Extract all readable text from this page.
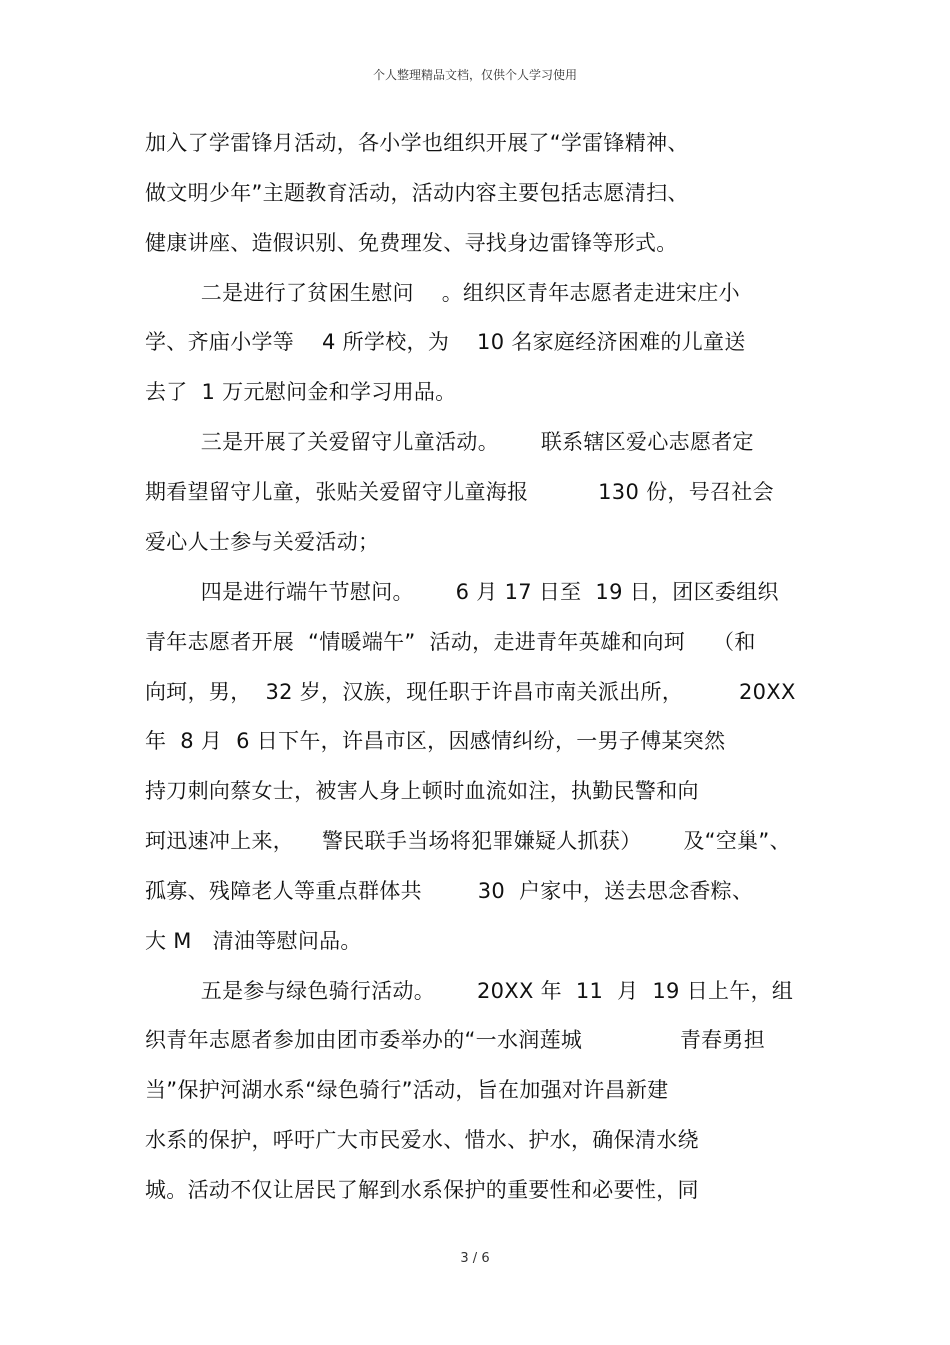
个人整理精品文档，仅供个人学习使用
加入了学雷锋月活动，各小学也组织开展了“学雷锋精神、
做文明少年”主题教育活动，活动内容主要包括志愿清扫、
健康讲座、造假识别、免费理发、寻找身边雷锋等形式。
二是进行了贫困生慰问    。组织区青年志愿者走进宋庄小
学、齐庙小学等    4 所学校，为    10 名家庭经济困难的儿童送
去了  1 万元慰问金和学习用品。
三是开展了关爱留守儿童活动。      联系辖区爱心志愿者定
期看望留守儿童，张贴关爱留守儿童海报          130 份，号召社会
爱心人士参与关爱活动；
四是进行端午节慰问。      6 月 17 日至  19 日，团区委组织
青年志愿者开展  “情暖端午”  活动，走进青年英雄和向珂    （和
向珂，男，  32 岁，汉族，现任职于许昌市南关派出所，        20XX
年  8 月  6 日下午，许昌市区，因感情纠纷，一男子傅某突然
持刀刺向蔡女士，被害人身上顿时血流如注，执勤民警和向
珂迅速冲上来，    警民联手当场将犯罪嫌疑人抓获）      及“空巢”、
孤寡、残障老人等重点群体共        30  户家中，送去思念香粽、
大 M   清油等慰问品。
五是参与绿色骑行活动。      20XX 年  11  月  19 日上午，组
织青年志愿者参加由团市委举办的“一水润莲城              青春勇担
当”保护河湖水系“绿色骑行”活动，旨在加强对许昌新建
水系的保护，呼吁广大市民爱水、惜水、护水，确保清水绕
城。活动不仅让居民了解到水系保护的重要性和必要性，同
3 / 6
